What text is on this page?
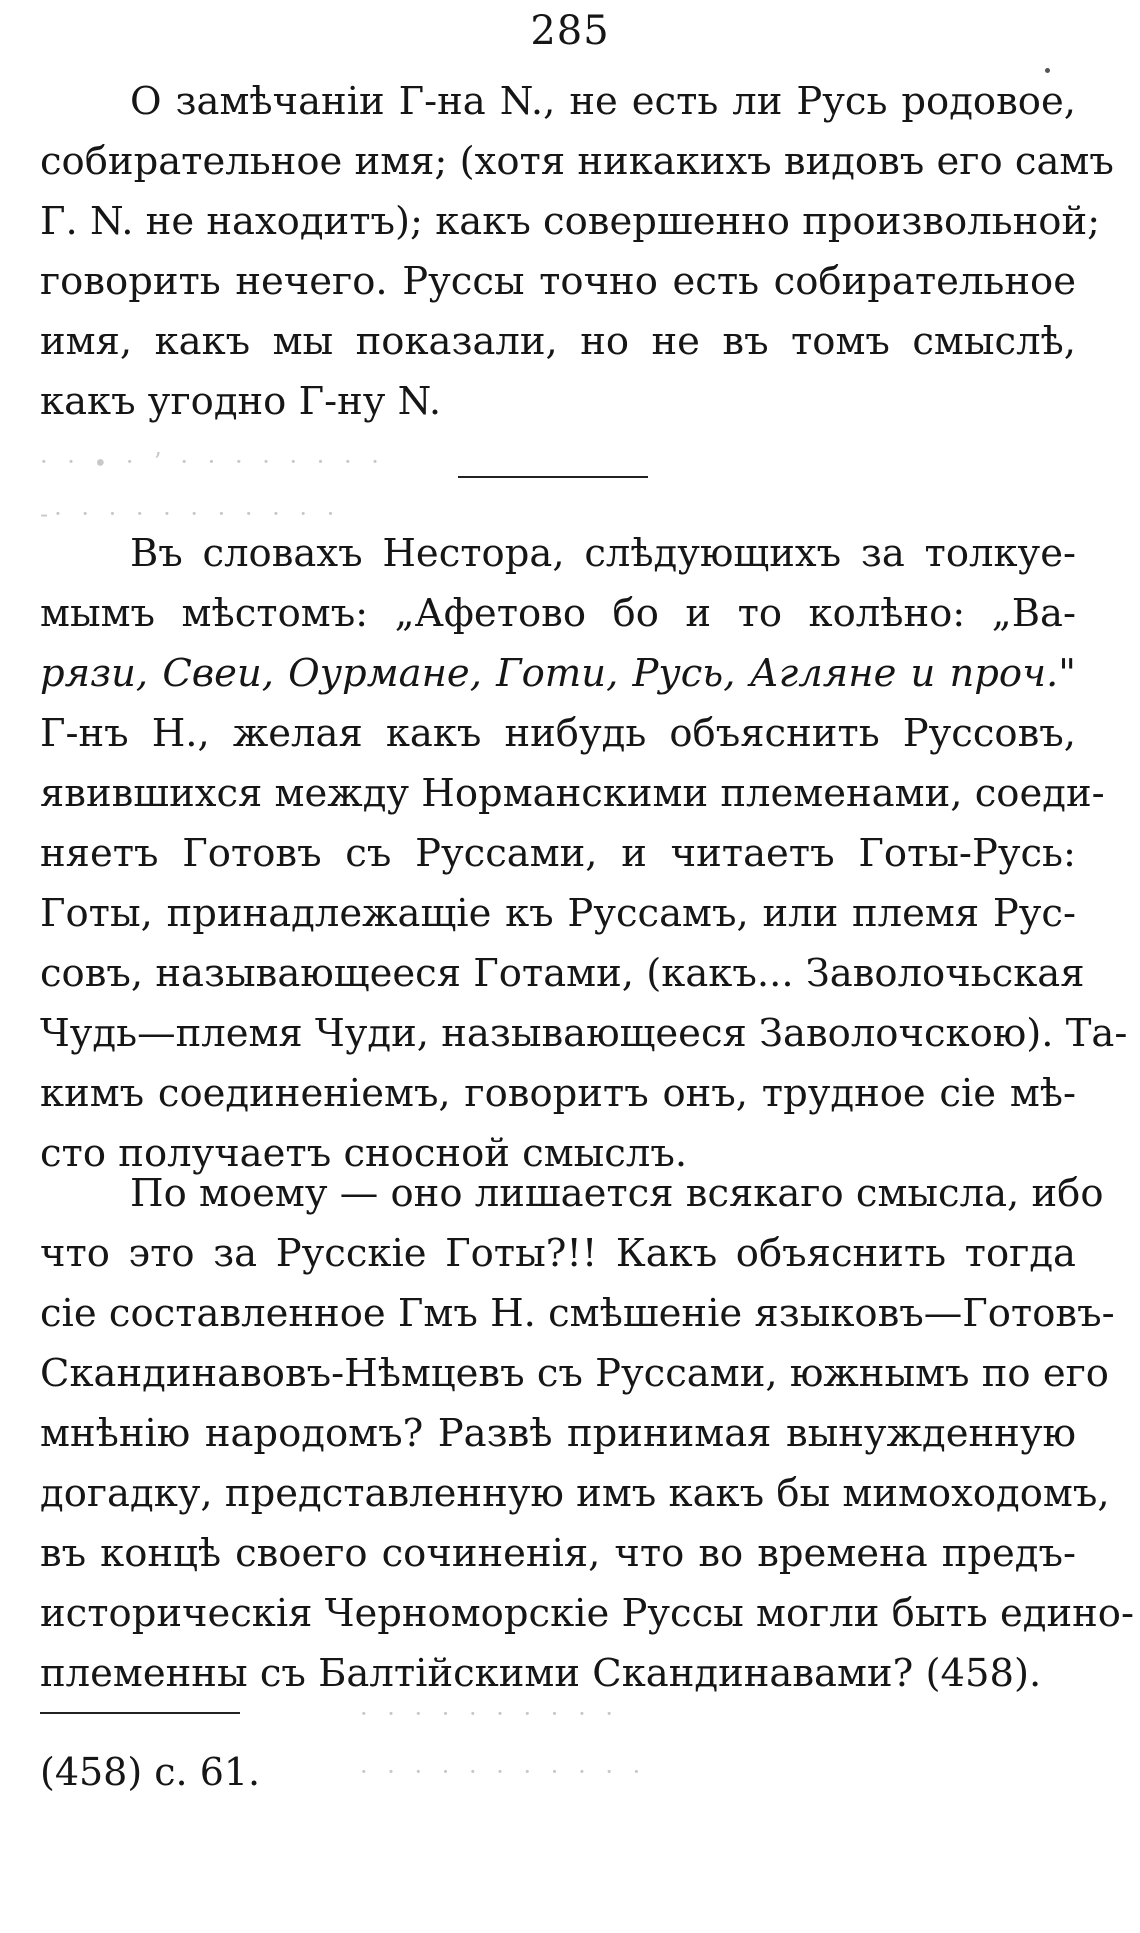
285
О замѣчаніи Г-на N., не есть ли Русь родовое,
собирательное имя; (хотя никакихъ видовъ его самъ
Г. N. не находитъ); какъ совершенно произвольной;
говорить нечего. Руссы точно есть собирательное
имя, какъ мы показали, но не въ томъ смыслѣ,
какъ угодно Г-ну N.
· · ∙ · ʼ · · · · · · · ·
‑· · · · · · · · · · ·
Въ словахъ Нестора, слѣдующихъ за толкуе-
мымъ мѣстомъ: „Афетово бо и то колѣно: „Ва-
рязи, Свеи, Оурмане, Готи, Русь, Агляне и проч."
Г-нъ Н., желая какъ нибудь объяснить Руссовъ,
явившихся между Норманскими племенами, соеди-
няетъ Готовъ съ Руссами, и читаетъ Готы-Русь:
Готы, принадлежащіе къ Руссамъ, или племя Рус-
совъ, называющееся Готами, (какъ... Заволочьская
Чудь—племя Чуди, называющееся Заволочскою). Та-
кимъ соединеніемъ, говоритъ онъ, трудное сіе мѣ-
сто получаетъ сносной смыслъ.
По моему — оно лишается всякаго смысла, ибо
что это за Русскіе Готы?!! Какъ объяснить тогда
сіе составленное Гмъ Н. смѣшеніе языковъ—Готовъ-
Скандинавовъ-Нѣмцевъ съ Руссами, южнымъ по его
мнѣнію народомъ? Развѣ принимая вынужденную
догадку, представленную имъ какъ бы мимоходомъ,
въ концѣ своего сочиненія, что во времена предъ-
историческія Черноморскіе Руссы могли быть едино-
племенны съ Балтійскими Скандинавами? (458).
· · · · · · · · · ·
(458) с. 61.	· · · · · · · · · · ·
